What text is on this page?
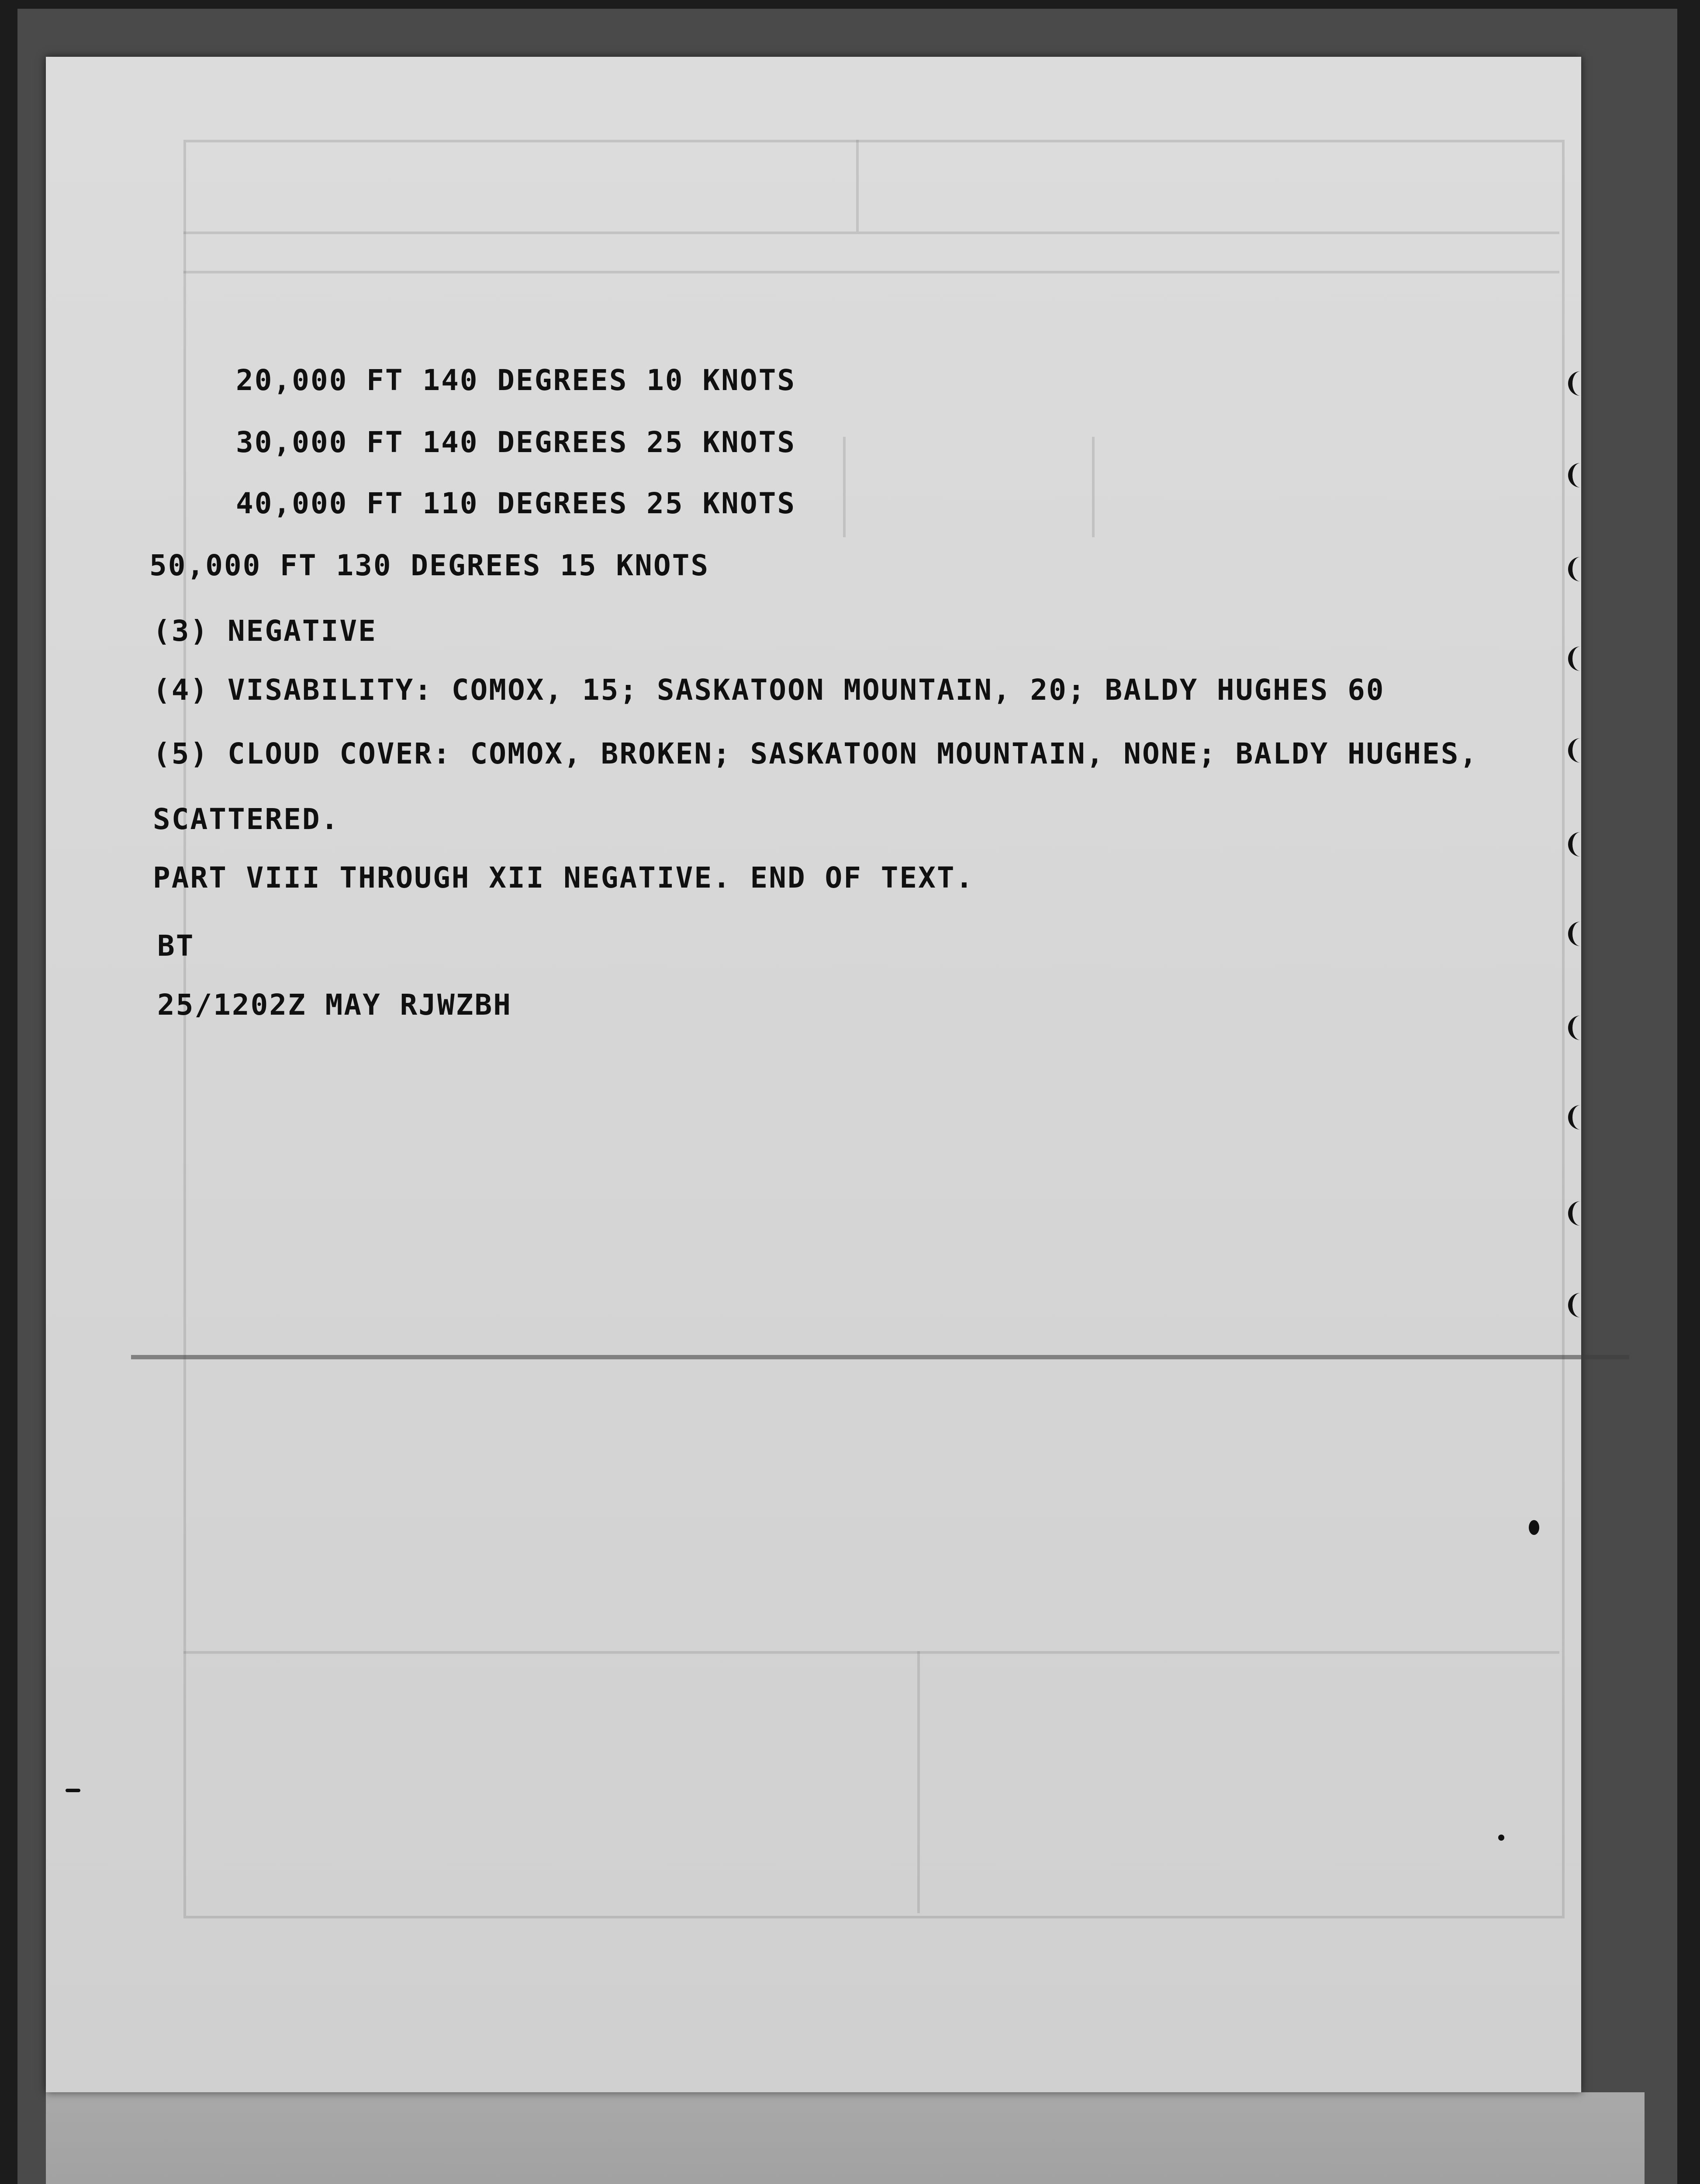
20,000 FT 140 DEGREES 10 KNOTS
30,000 FT 140 DEGREES 25 KNOTS
40,000 FT 110 DEGREES 25 KNOTS
50,000 FT 130 DEGREES 15 KNOTS
(3) NEGATIVE
(4) VISABILITY: COMOX, 15; SASKATOON MOUNTAIN, 20; BALDY HUGHES 60
(5) CLOUD COVER: COMOX, BROKEN; SASKATOON MOUNTAIN, NONE; BALDY HUGHES,
SCATTERED.
PART VIII THROUGH XII NEGATIVE. END OF TEXT.
BT
25/1202Z MAY RJWZBH
